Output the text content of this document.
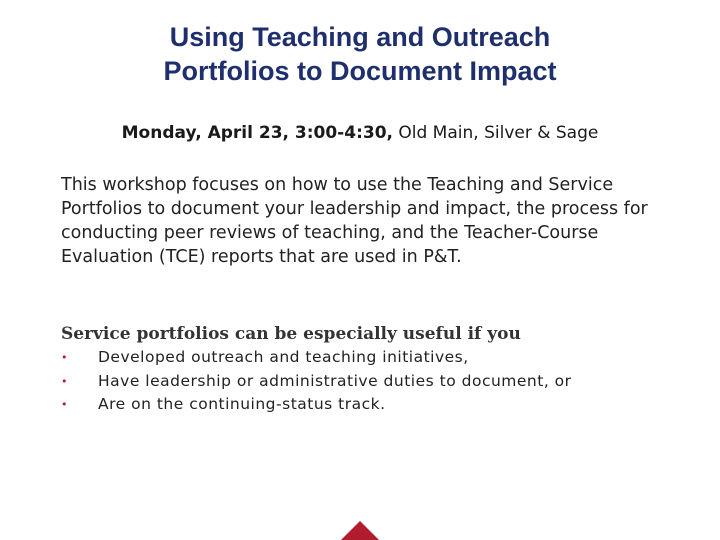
Using Teaching and Outreach
Portfolios to Document Impact
Monday, April 23, 3:00-4:30, Old Main, Silver & Sage
This workshop focuses on how to use the Teaching and Service Portfolios to document your leadership and impact, the process for conducting peer reviews of teaching, and the Teacher-Course Evaluation (TCE) reports that are used in P&T.
Service portfolios can be especially useful if you
• Developed outreach and teaching initiatives,
• Have leadership or administrative duties to document, or
• Are on the continuing-status track.
